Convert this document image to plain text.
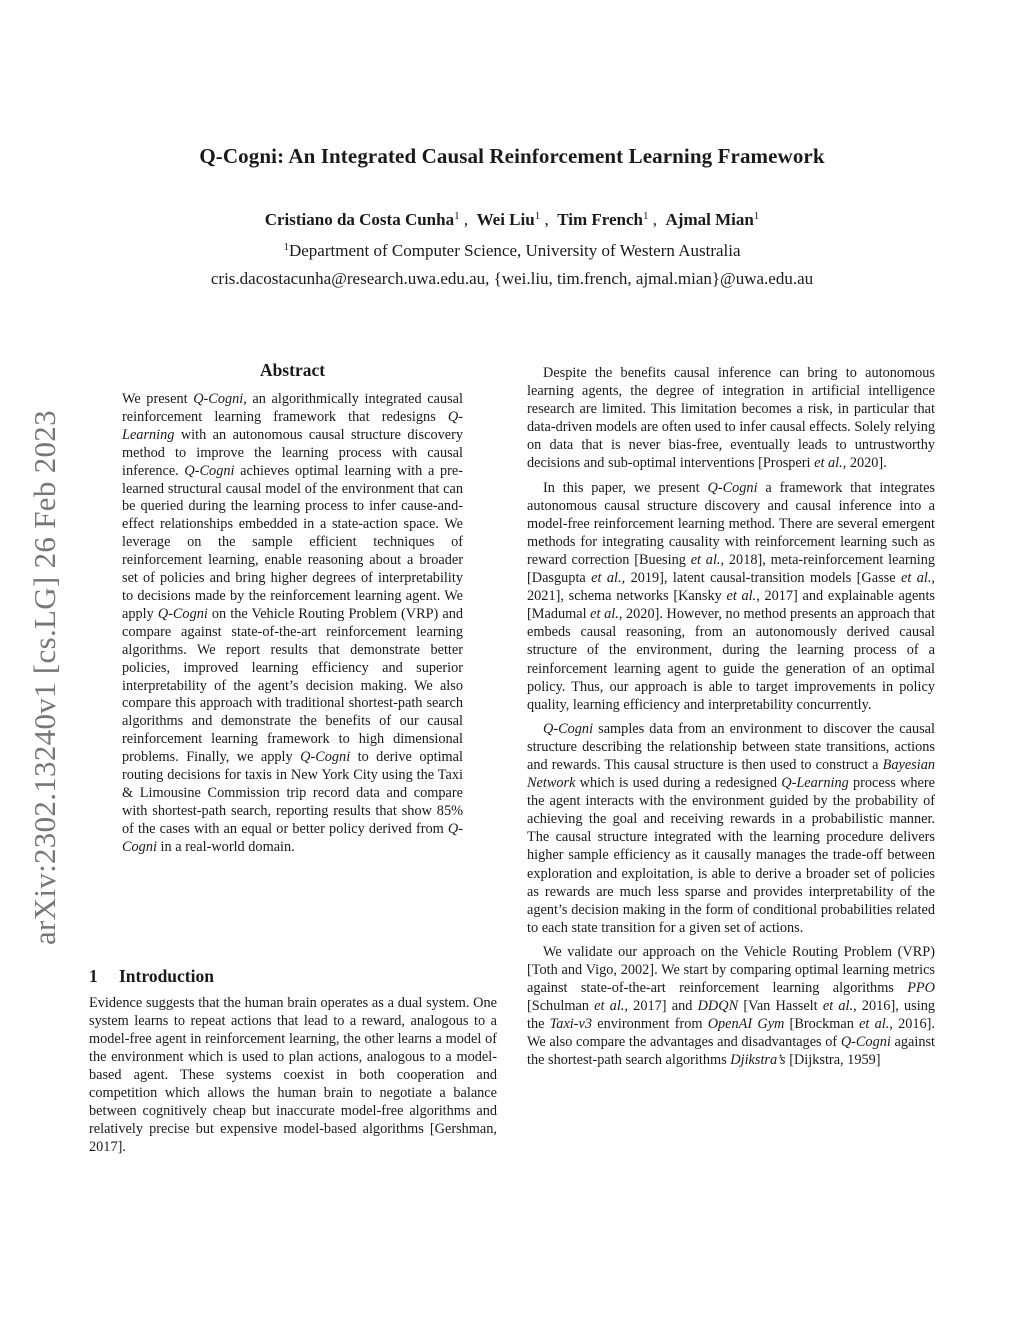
arXiv:2302.13240v1 [cs.LG] 26 Feb 2023
Q-Cogni: An Integrated Causal Reinforcement Learning Framework
Cristiano da Costa Cunha$^1$ ,  Wei Liu$^1$ ,  Tim French$^1$ ,  Ajmal Mian$^1$
$^1$Department of Computer Science, University of Western Australia
cris.dacostacunha@research.uwa.edu.au, {wei.liu, tim.french, ajmal.mian}@uwa.edu.au
Abstract
We present Q-Cogni, an algorithmically integrated causal reinforcement learning framework that redesigns Q-Learning with an autonomous causal structure discovery method to improve the learning process with causal inference. Q-Cogni achieves optimal learning with a pre-learned structural causal model of the environment that can be queried during the learning process to infer cause-and-effect relationships embedded in a state-action space. We leverage on the sample efficient techniques of reinforcement learning, enable reasoning about a broader set of policies and bring higher degrees of interpretability to decisions made by the reinforcement learning agent. We apply Q-Cogni on the Vehicle Routing Problem (VRP) and compare against state-of-the-art reinforcement learning algorithms. We report results that demonstrate better policies, improved learning efficiency and superior interpretability of the agent’s decision making. We also compare this approach with traditional shortest-path search algorithms and demonstrate the benefits of our causal reinforcement learning framework to high dimensional problems. Finally, we apply Q-Cogni to derive optimal routing decisions for taxis in New York City using the Taxi & Limousine Commission trip record data and compare with shortest-path search, reporting results that show 85% of the cases with an equal or better policy derived from Q-Cogni in a real-world domain.
1 Introduction
Evidence suggests that the human brain operates as a dual system. One system learns to repeat actions that lead to a reward, analogous to a model-free agent in reinforcement learning, the other learns a model of the environment which is used to plan actions, analogous to a model-based agent. These systems coexist in both cooperation and competition which allows the human brain to negotiate a balance between cognitively cheap but inaccurate model-free algorithms and relatively precise but expensive model-based algorithms [Gershman, 2017].

Despite the benefits causal inference can bring to autonomous learning agents, the degree of integration in artificial intelligence research are limited. This limitation becomes a risk, in particular that data-driven models are often used to infer causal effects. Solely relying on data that is never bias-free, eventually leads to untrustworthy decisions and sub-optimal interventions [Prosperi et al., 2020].

In this paper, we present Q-Cogni a framework that integrates autonomous causal structure discovery and causal inference into a model-free reinforcement learning method. There are several emergent methods for integrating causality with reinforcement learning such as reward correction [Buesing et al., 2018], meta-reinforcement learning [Dasgupta et al., 2019], latent causal-transition models [Gasse et al., 2021], schema networks [Kansky et al., 2017] and explainable agents [Madumal et al., 2020]. However, no method presents an approach that embeds causal reasoning, from an autonomously derived causal structure of the environment, during the learning process of a reinforcement learning agent to guide the generation of an optimal policy. Thus, our approach is able to target improvements in policy quality, learning efficiency and interpretability concurrently.

Q-Cogni samples data from an environment to discover the causal structure describing the relationship between state transitions, actions and rewards. This causal structure is then used to construct a Bayesian Network which is used during a redesigned Q-Learning process where the agent interacts with the environment guided by the probability of achieving the goal and receiving rewards in a probabilistic manner. The causal structure integrated with the learning procedure delivers higher sample efficiency as it causally manages the trade-off between exploration and exploitation, is able to derive a broader set of policies as rewards are much less sparse and provides interpretability of the agent’s decision making in the form of conditional probabilities related to each state transition for a given set of actions.

We validate our approach on the Vehicle Routing Problem (VRP) [Toth and Vigo, 2002]. We start by comparing optimal learning metrics against state-of-the-art reinforcement learning algorithms PPO [Schulman et al., 2017] and DDQN [Van Hasselt et al., 2016], using the Taxi-v3 environment from OpenAI Gym [Brockman et al., 2016]. We also compare the advantages and disadvantages of Q-Cogni against the shortest-path search algorithms Djikstra’s [Dijkstra, 1959]
